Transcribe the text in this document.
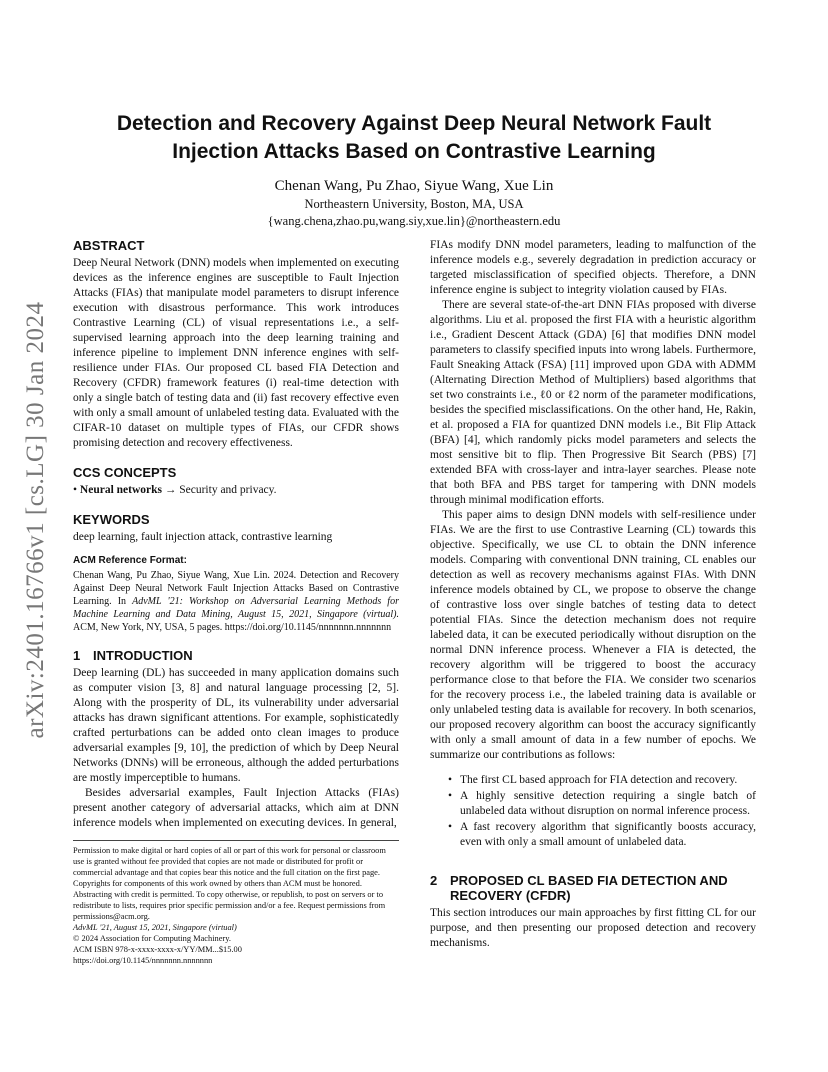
arXiv:2401.16766v1 [cs.LG] 30 Jan 2024
Detection and Recovery Against Deep Neural Network Fault
Injection Attacks Based on Contrastive Learning
Chenan Wang, Pu Zhao, Siyue Wang, Xue Lin
Northeastern University, Boston, MA, USA
{wang.chena,zhao.pu,wang.siy,xue.lin}@northeastern.edu
ABSTRACT

Deep Neural Network (DNN) models when implemented on executing devices as the inference engines are susceptible to Fault Injection Attacks (FIAs) that manipulate model parameters to disrupt inference execution with disastrous performance. This work introduces Contrastive Learning (CL) of visual representations i.e., a self-supervised learning approach into the deep learning training and inference pipeline to implement DNN inference engines with self-resilience under FIAs. Our proposed CL based FIA Detection and Recovery (CFDR) framework features (i) real-time detection with only a single batch of testing data and (ii) fast recovery effective even with only a small amount of unlabeled testing data. Evaluated with the CIFAR-10 dataset on multiple types of FIAs, our CFDR shows promising detection and recovery effectiveness.

CCS CONCEPTS

• Neural networks → Security and privacy.

KEYWORDS

deep learning, fault injection attack, contrastive learning

ACM Reference Format:

Chenan Wang, Pu Zhao, Siyue Wang, Xue Lin. 2024. Detection and Recovery Against Deep Neural Network Fault Injection Attacks Based on Contrastive Learning. In AdvML '21: Workshop on Adversarial Learning Methods for Machine Learning and Data Mining, August 15, 2021, Singapore (virtual). ACM, New York, NY, USA, 5 pages. https://doi.org/10.1145/nnnnnnn.nnnnnnn

1 INTRODUCTION

Deep learning (DL) has succeeded in many application domains such as computer vision [3, 8] and natural language processing [2, 5]. Along with the prosperity of DL, its vulnerability under adversarial attacks has drawn significant attentions. For example, sophisticatedly crafted perturbations can be added onto clean images to produce adversarial examples [9, 10], the prediction of which by Deep Neural Networks (DNNs) will be erroneous, although the added perturbations are mostly imperceptible to humans.

Besides adversarial examples, Fault Injection Attacks (FIAs) present another category of adversarial attacks, which aim at DNN inference models when implemented on executing devices. In general,

Permission to make digital or hard copies of all or part of this work for personal or classroom use is granted without fee provided that copies are not made or distributed for profit or commercial advantage and that copies bear this notice and the full citation on the first page. Copyrights for components of this work owned by others than ACM must be honored. Abstracting with credit is permitted. To copy otherwise, or republish, to post on servers or to redistribute to lists, requires prior specific permission and/or a fee. Request permissions from permissions@acm.org.
AdvML '21, August 15, 2021, Singapore (virtual)
© 2024 Association for Computing Machinery.
ACM ISBN 978-x-xxxx-xxxx-x/YY/MM...$15.00
https://doi.org/10.1145/nnnnnnn.nnnnnnn

FIAs modify DNN model parameters, leading to malfunction of the inference models e.g., severely degradation in prediction accuracy or targeted misclassification of specified objects. Therefore, a DNN inference engine is subject to integrity violation caused by FIAs.

There are several state-of-the-art DNN FIAs proposed with diverse algorithms. Liu et al. proposed the first FIA with a heuristic algorithm i.e., Gradient Descent Attack (GDA) [6] that modifies DNN model parameters to classify specified inputs into wrong labels. Furthermore, Fault Sneaking Attack (FSA) [11] improved upon GDA with ADMM (Alternating Direction Method of Multipliers) based algorithms that set two constraints i.e., ℓ0 or ℓ2 norm of the parameter modifications, besides the specified misclassifications. On the other hand, He, Rakin, et al. proposed a FIA for quantized DNN models i.e., Bit Flip Attack (BFA) [4], which randomly picks model parameters and selects the most sensitive bit to flip. Then Progressive Bit Search (PBS) [7] extended BFA with cross-layer and intra-layer searches. Please note that both BFA and PBS target for tampering with DNN models through minimal modification efforts.

This paper aims to design DNN models with self-resilience under FIAs. We are the first to use Contrastive Learning (CL) towards this objective. Specifically, we use CL to obtain the DNN inference models. Comparing with conventional DNN training, CL enables our detection as well as recovery mechanisms against FIAs. With DNN inference models obtained by CL, we propose to observe the change of contrastive loss over single batches of testing data to detect potential FIAs. Since the detection mechanism does not require labeled data, it can be executed periodically without disruption on the normal DNN inference process. Whenever a FIA is detected, the recovery algorithm will be triggered to boost the accuracy performance close to that before the FIA. We consider two scenarios for the recovery process i.e., the labeled training data is available or only unlabeled testing data is available for recovery. In both scenarios, our proposed recovery algorithm can boost the accuracy significantly with only a small amount of data in a few number of epochs. We summarize our contributions as follows:

• The first CL based approach for FIA detection and recovery.
• A highly sensitive detection requiring a single batch of unlabeled data without disruption on normal inference process.
• A fast recovery algorithm that significantly boosts accuracy, even with only a small amount of unlabeled data.
2 PROPOSED CL BASED FIA DETECTION AND RECOVERY (CFDR)

This section introduces our main approaches by first fitting CL for our purpose, and then presenting our proposed detection and recovery mechanisms.
